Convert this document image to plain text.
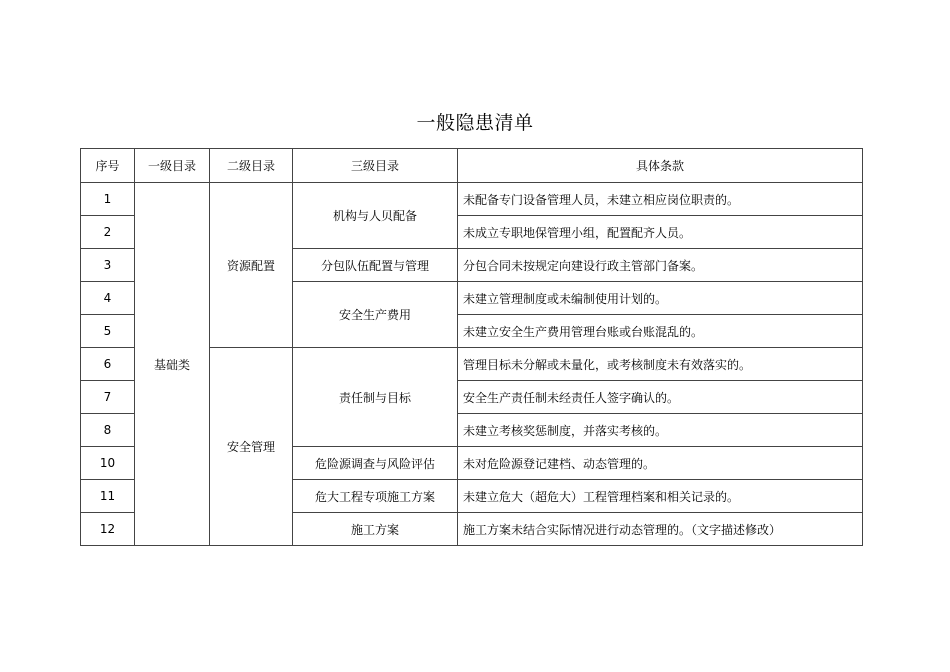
一般隐患清单
序号	一级目录	二级目录	三级目录	具体条款
1	基础类	资源配置	机构与人贝配备	未配备专门设备管理人员，未建立相应岗位职责的。
2				未成立专职地保管理小组，配置配齐人员。
3			分包队伍配置与管理	分包合同未按规定向建设行政主管部门备案。
4			安全生产费用	未建立管理制度或未编制使用计划的。
5				未建立安全生产费用管理台账或台账混乱的。
6		安全管理	责任制与目标	管理目标未分解或未量化，或考核制度未有效落实的。
7				安全生产责任制未经责任人签字确认的。
8				未建立考核奖惩制度，并落实考核的。
10			危险源调查与风险评估	未对危险源登记建档、动态管理的。
11			危大工程专项施工方案	未建立危大（超危大）工程管理档案和相关记录的。
12			施工方案	施工方案未结合实际情况进行动态管理的。（文字描述修改）
